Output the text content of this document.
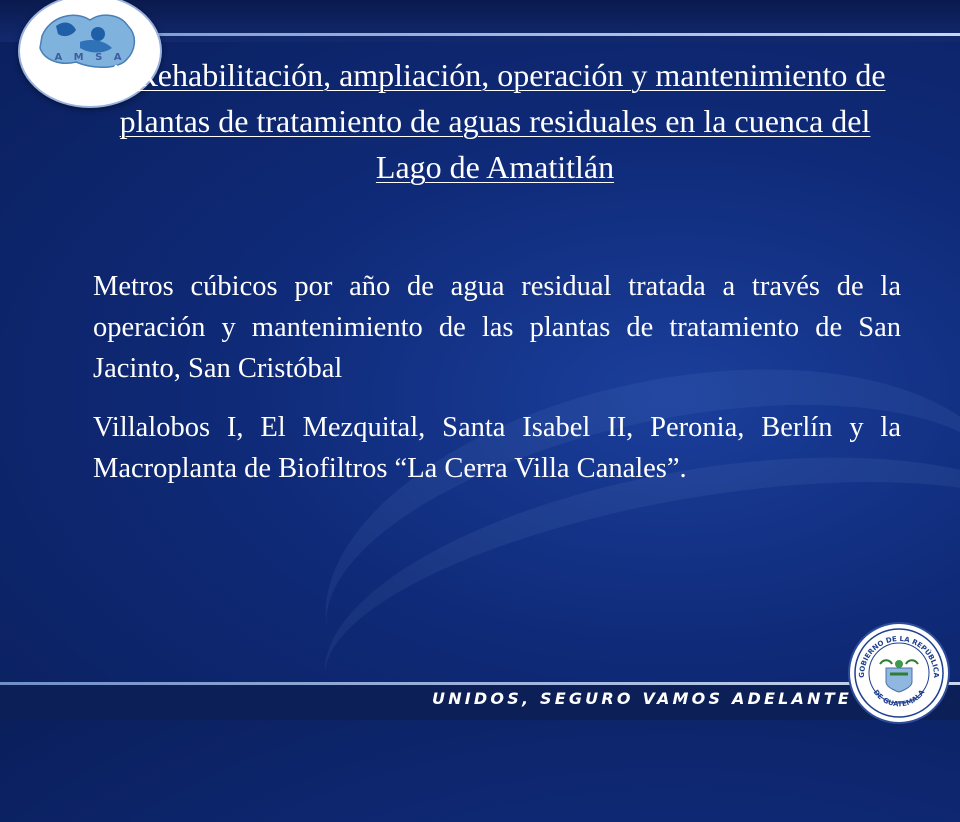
A M S A
4. Rehabilitación, ampliación, operación y mantenimiento de plantas de tratamiento de aguas residuales en la cuenca del Lago de Amatitlán

Metros cúbicos por año de agua residual tratada a través de la operación y mantenimiento de las plantas de tratamiento de San Jacinto, San Cristóbal

Villalobos I, El Mezquital, Santa Isabel II, Peronia, Berlín y la Macroplanta de Biofiltros “La Cerra Villa Canales”.

UNIDOS, SEGURO VAMOS ADELANTE
GOBIERNO DE LA REPÚBLICA
DE GUATEMALA
